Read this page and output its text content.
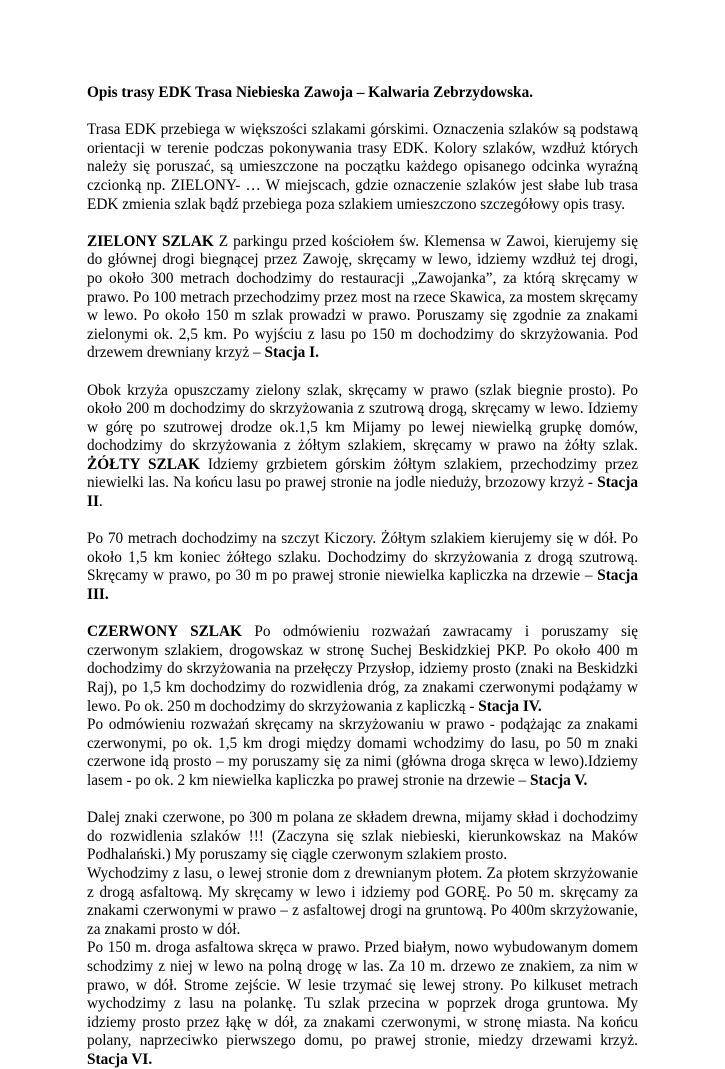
Opis trasy EDK Trasa Niebieska Zawoja – Kalwaria Zebrzydowska.

Trasa EDK przebiega w większości szlakami górskimi. Oznaczenia szlaków są podstawą orientacji w terenie podczas pokonywania trasy EDK. Kolory szlaków, wzdłuż których należy się poruszać, są umieszczone na początku każdego opisanego odcinka wyraźną czcionką np. ZIELONY- … W miejscach, gdzie oznaczenie szlaków jest słabe lub trasa EDK zmienia szlak bądź przebiega poza szlakiem umieszczono szczegółowy opis trasy.

ZIELONY SZLAK Z parkingu przed kościołem św. Klemensa w Zawoi, kierujemy się do głównej drogi biegnącej przez Zawoję, skręcamy w lewo, idziemy wzdłuż tej drogi, po około 300 metrach dochodzimy do restauracji „Zawojanka”, za którą skręcamy w prawo. Po 100 metrach przechodzimy przez most na rzece Skawica, za mostem skręcamy w lewo. Po około 150 m szlak prowadzi w prawo. Poruszamy się zgodnie za znakami zielonymi ok. 2,5 km. Po wyjściu z lasu po 150 m dochodzimy do skrzyżowania. Pod drzewem drewniany krzyż – Stacja I.

Obok krzyża opuszczamy zielony szlak, skręcamy w prawo (szlak biegnie prosto). Po około 200 m dochodzimy do skrzyżowania z szutrową drogą, skręcamy w lewo. Idziemy w górę po szutrowej drodze ok.1,5 km Mijamy po lewej niewielką grupkę domów, dochodzimy do skrzyżowania z żółtym szlakiem, skręcamy w prawo na żółty szlak. ŻÓŁTY SZLAK Idziemy grzbietem górskim żółtym szlakiem, przechodzimy przez niewielki las. Na końcu lasu po prawej stronie na jodle nieduży, brzozowy krzyż - Stacja II.

Po 70 metrach dochodzimy na szczyt Kiczory. Żółtym szlakiem kierujemy się w dół. Po około 1,5 km koniec żółtego szlaku. Dochodzimy do skrzyżowania z drogą szutrową. Skręcamy w prawo, po 30 m po prawej stronie niewielka kapliczka na drzewie – Stacja III.

CZERWONY SZLAK Po odmówieniu rozważań zawracamy i poruszamy się czerwonym szlakiem, drogowskaz w stronę Suchej Beskidzkiej PKP. Po około 400 m dochodzimy do skrzyżowania na przełęczy Przysłop, idziemy prosto (znaki na Beskidzki Raj), po 1,5 km dochodzimy do rozwidlenia dróg, za znakami czerwonymi podążamy w lewo. Po ok. 250 m dochodzimy do skrzyżowania z kapliczką - Stacja IV.

Po odmówieniu rozważań skręcamy na skrzyżowaniu w prawo - podążając za znakami czerwonymi, po ok. 1,5 km drogi między domami wchodzimy do lasu, po 50 m znaki czerwone idą prosto – my poruszamy się za nimi (główna droga skręca w lewo).Idziemy lasem - po ok. 2 km niewielka kapliczka po prawej stronie na drzewie – Stacja V.

Dalej znaki czerwone, po 300 m polana ze składem drewna, mijamy skład i dochodzimy do rozwidlenia szlaków !!! (Zaczyna się szlak niebieski, kierunkowskaz na Maków Podhalański.) My poruszamy się ciągle czerwonym szlakiem prosto.

Wychodzimy z lasu, o lewej stronie dom z drewnianym płotem. Za płotem skrzyżowanie z drogą asfaltową. My skręcamy w lewo i idziemy pod GORĘ. Po 50 m. skręcamy za znakami czerwonymi w prawo – z asfaltowej drogi na gruntową. Po 400m skrzyżowanie, za znakami prosto w dół.

Po 150 m. droga asfaltowa skręca w prawo. Przed białym, nowo wybudowanym domem schodzimy z niej w lewo na polną drogę w las. Za 10 m. drzewo ze znakiem, za nim w prawo, w dół. Strome zejście. W lesie trzymać się lewej strony. Po kilkuset metrach wychodzimy z lasu na polankę. Tu szlak przecina w poprzek droga gruntowa. My idziemy prosto przez łąkę w dół, za znakami czerwonymi, w stronę miasta. Na końcu polany, naprzeciwko pierwszego domu, po prawej stronie, miedzy drzewami krzyż. Stacja VI.
